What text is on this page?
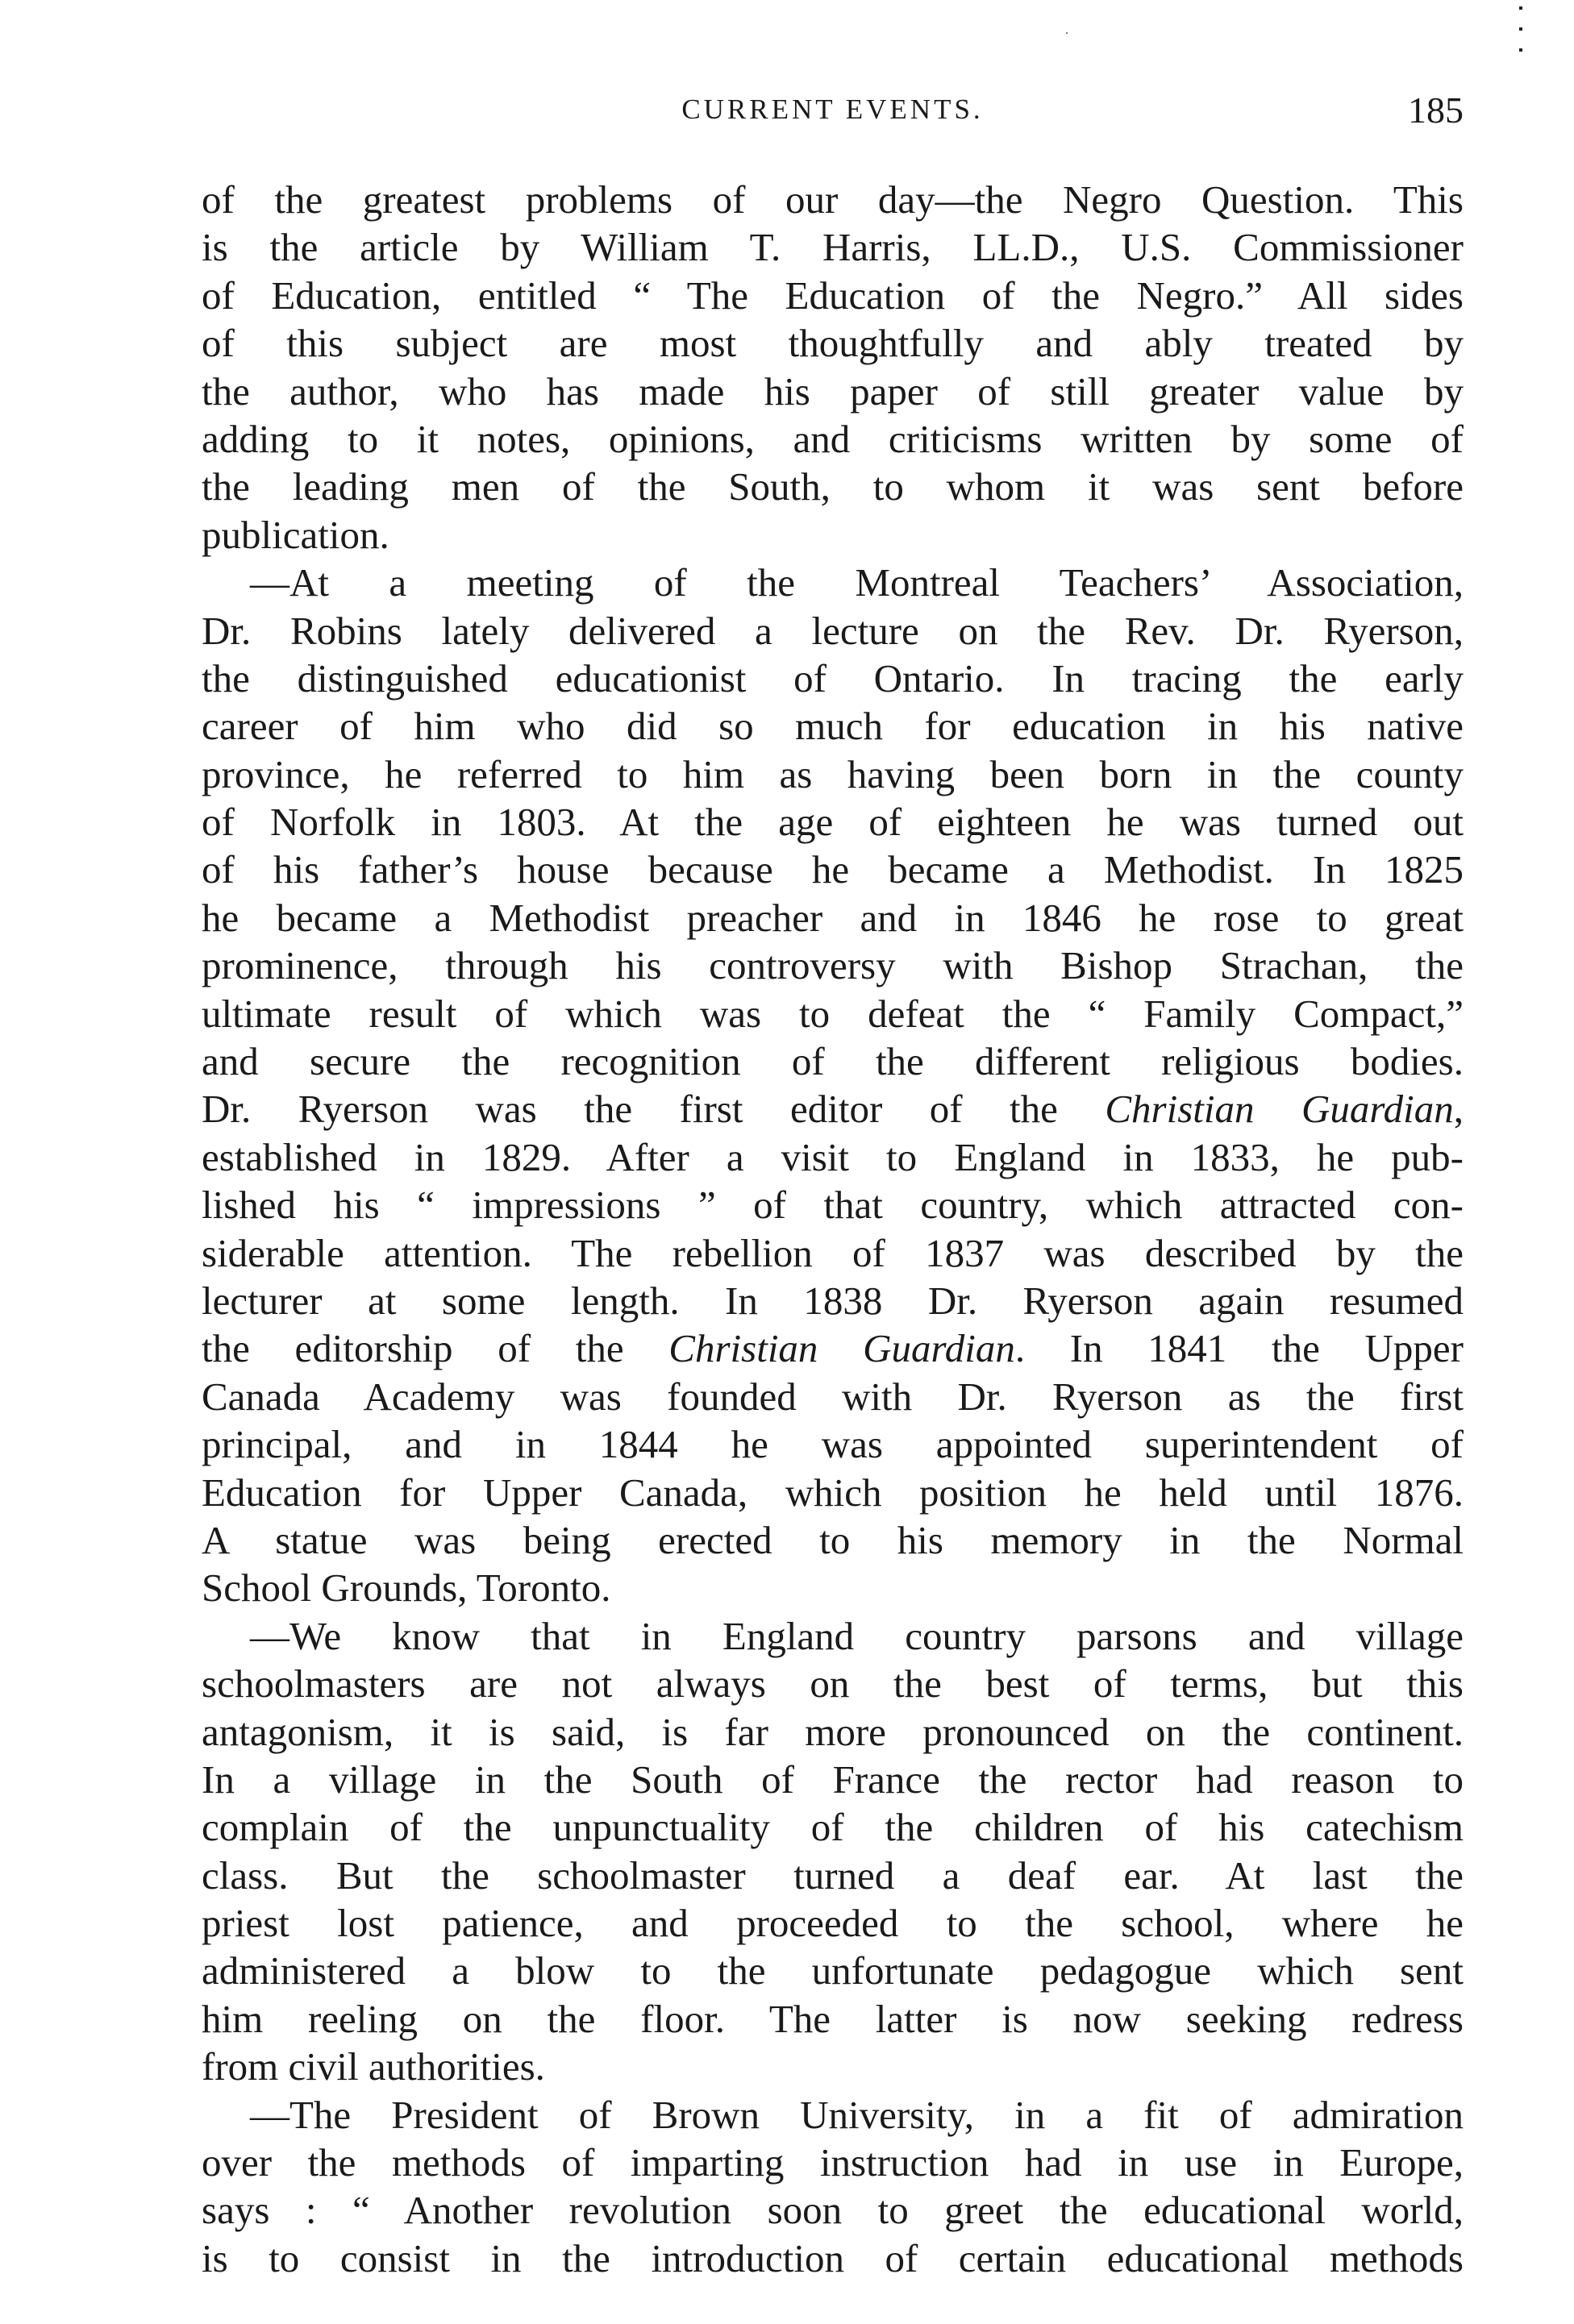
CURRENT EVENTS.	185
of the greatest problems of our day—the Negro Question. This
is the article by William T. Harris, LL.D., U.S. Commissioner
of Education, entitled “ The Education of the Negro.” All sides
of this subject are most thoughtfully and ably treated by
the author, who has made his paper of still greater value by
adding to it notes, opinions, and criticisms written by some of
the leading men of the South, to whom it was sent before
publication.
—At a meeting of the Montreal Teachers’ Association,
Dr. Robins lately delivered a lecture on the Rev. Dr. Ryerson,
the distinguished educationist of Ontario. In tracing the early
career of him who did so much for education in his native
province, he referred to him as having been born in the county
of Norfolk in 1803. At the age of eighteen he was turned out
of his father’s house because he became a Methodist. In 1825
he became a Methodist preacher and in 1846 he rose to great
prominence, through his controversy with Bishop Strachan, the
ultimate result of which was to defeat the “ Family Compact,”
and secure the recognition of the different religious bodies.
Dr. Ryerson was the first editor of the Christian Guardian,
established in 1829. After a visit to England in 1833, he pub-
lished his “ impressions ” of that country, which attracted con-
siderable attention. The rebellion of 1837 was described by the
lecturer at some length. In 1838 Dr. Ryerson again resumed
the editorship of the Christian Guardian. In 1841 the Upper
Canada Academy was founded with Dr. Ryerson as the first
principal, and in 1844 he was appointed superintendent of
Education for Upper Canada, which position he held until 1876.
A statue was being erected to his memory in the Normal
School Grounds, Toronto.
—We know that in England country parsons and village
schoolmasters are not always on the best of terms, but this
antagonism, it is said, is far more pronounced on the continent.
In a village in the South of France the rector had reason to
complain of the unpunctuality of the children of his catechism
class. But the schoolmaster turned a deaf ear. At last the
priest lost patience, and proceeded to the school, where he
administered a blow to the unfortunate pedagogue which sent
him reeling on the floor. The latter is now seeking redress
from civil authorities.
—The President of Brown University, in a fit of admiration
over the methods of imparting instruction had in use in Europe,
says : “ Another revolution soon to greet the educational world,
is to consist in the introduction of certain educational methods
